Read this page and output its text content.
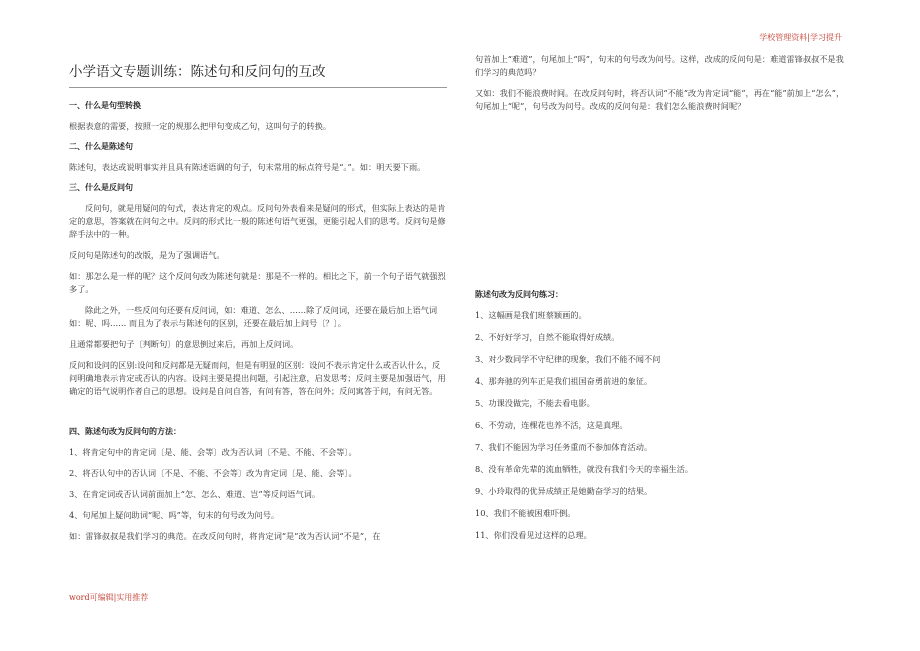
学校管理资料|学习提升
小学语文专题训练：陈述句和反问句的互改
一、什么是句型转换
根据表意的需要，按照一定的规那么把甲句变成乙句，这叫句子的转换。
二、什么是陈述句
陈述句，表达或说明事实并且具有陈述语调的句子，句末常用的标点符号是“。”。如：明天要下雨。
三、什么是反问句
反问句，就是用疑问的句式，表达肯定的观点。反问句外表看来是疑问的形式，但实际上表达的是肯定的意思，答案就在问句之中。反问的形式比一般的陈述句语气更强，更能引起人们的思考。反问句是修辞手法中的一种。
反问句是陈述句的改版，是为了强调语气。
如：那怎么是一样的呢？这个反问句改为陈述句就是：那是不一样的。相比之下，前一个句子语气就强烈多了。
除此之外，一些反问句还要有反问词，如：难道、怎么、……除了反问词，还要在最后加上语气词如：呢、吗…… 而且为了表示与陈述句的区别，还要在最后加上问号〔？〕。
且通常都要把句子〔判断句〕的意思倒过来后，再加上反问词。
反问和设问的区别:设问和反问都是无疑而问，但是有明显的区别：设问不表示肯定什么或否认什么，反问明确地表示肯定或否认的内容。设问主要是提出问题，引起注意，启发思考；反问主要是加强语气，用确定的语气说明作者自己的思想。设问是自问自答，有问有答，答在问外；反问寓答于问，有问无答。
四、陈述句改为反问句的方法：
1、将肯定句中的肯定词〔是、能、会等〕改为否认词〔不是、不能、不会等〕。
2、将否认句中的否认词〔不是、不能、不会等〕改为肯定词〔是、能、会等〕。
3、在肯定词或否认词前面加上“怎、怎么、难道、岂”等反问语气词。
4、句尾加上疑问助词“呢、吗”等，句末的句号改为问号。
如：雷锋叔叔是我们学习的典范。在改反问句时，将肯定词“是”改为否认词“不是”，在
句首加上“难道”，句尾加上“吗”，句末的句号改为问号。这样，改成的反问句是：难道雷锋叔叔不是我们学习的典范吗？
又如：我们不能浪费时间。在改反问句时，将否认词“不能”改为肯定词“能”，再在“能”前加上“怎么”，句尾加上“呢”，句号改为问号。改成的反问句是：我们怎么能浪费时间呢？
陈述句改为反问句练习：
1、这幅画是我们班蔡颖画的。
2、不好好学习，自然不能取得好成绩。
3、对少数同学不守纪律的现象，我们不能不闻不问
4、那奔驰的列车正是我们祖国奋勇前进的象征。
5、功课没做完，不能去看电影。
6、不劳动，连棵花也养不活，这是真理。
7、我们不能因为学习任务重而不参加体育活动。
8、没有革命先辈的流血牺牲，就没有我们今天的幸福生活。
9、小玲取得的优异成绩正是她勤奋学习的结果。
10、我们不能被困难吓倒。
11、你们没看见过这样的总理。
word可编辑|实用推荐
